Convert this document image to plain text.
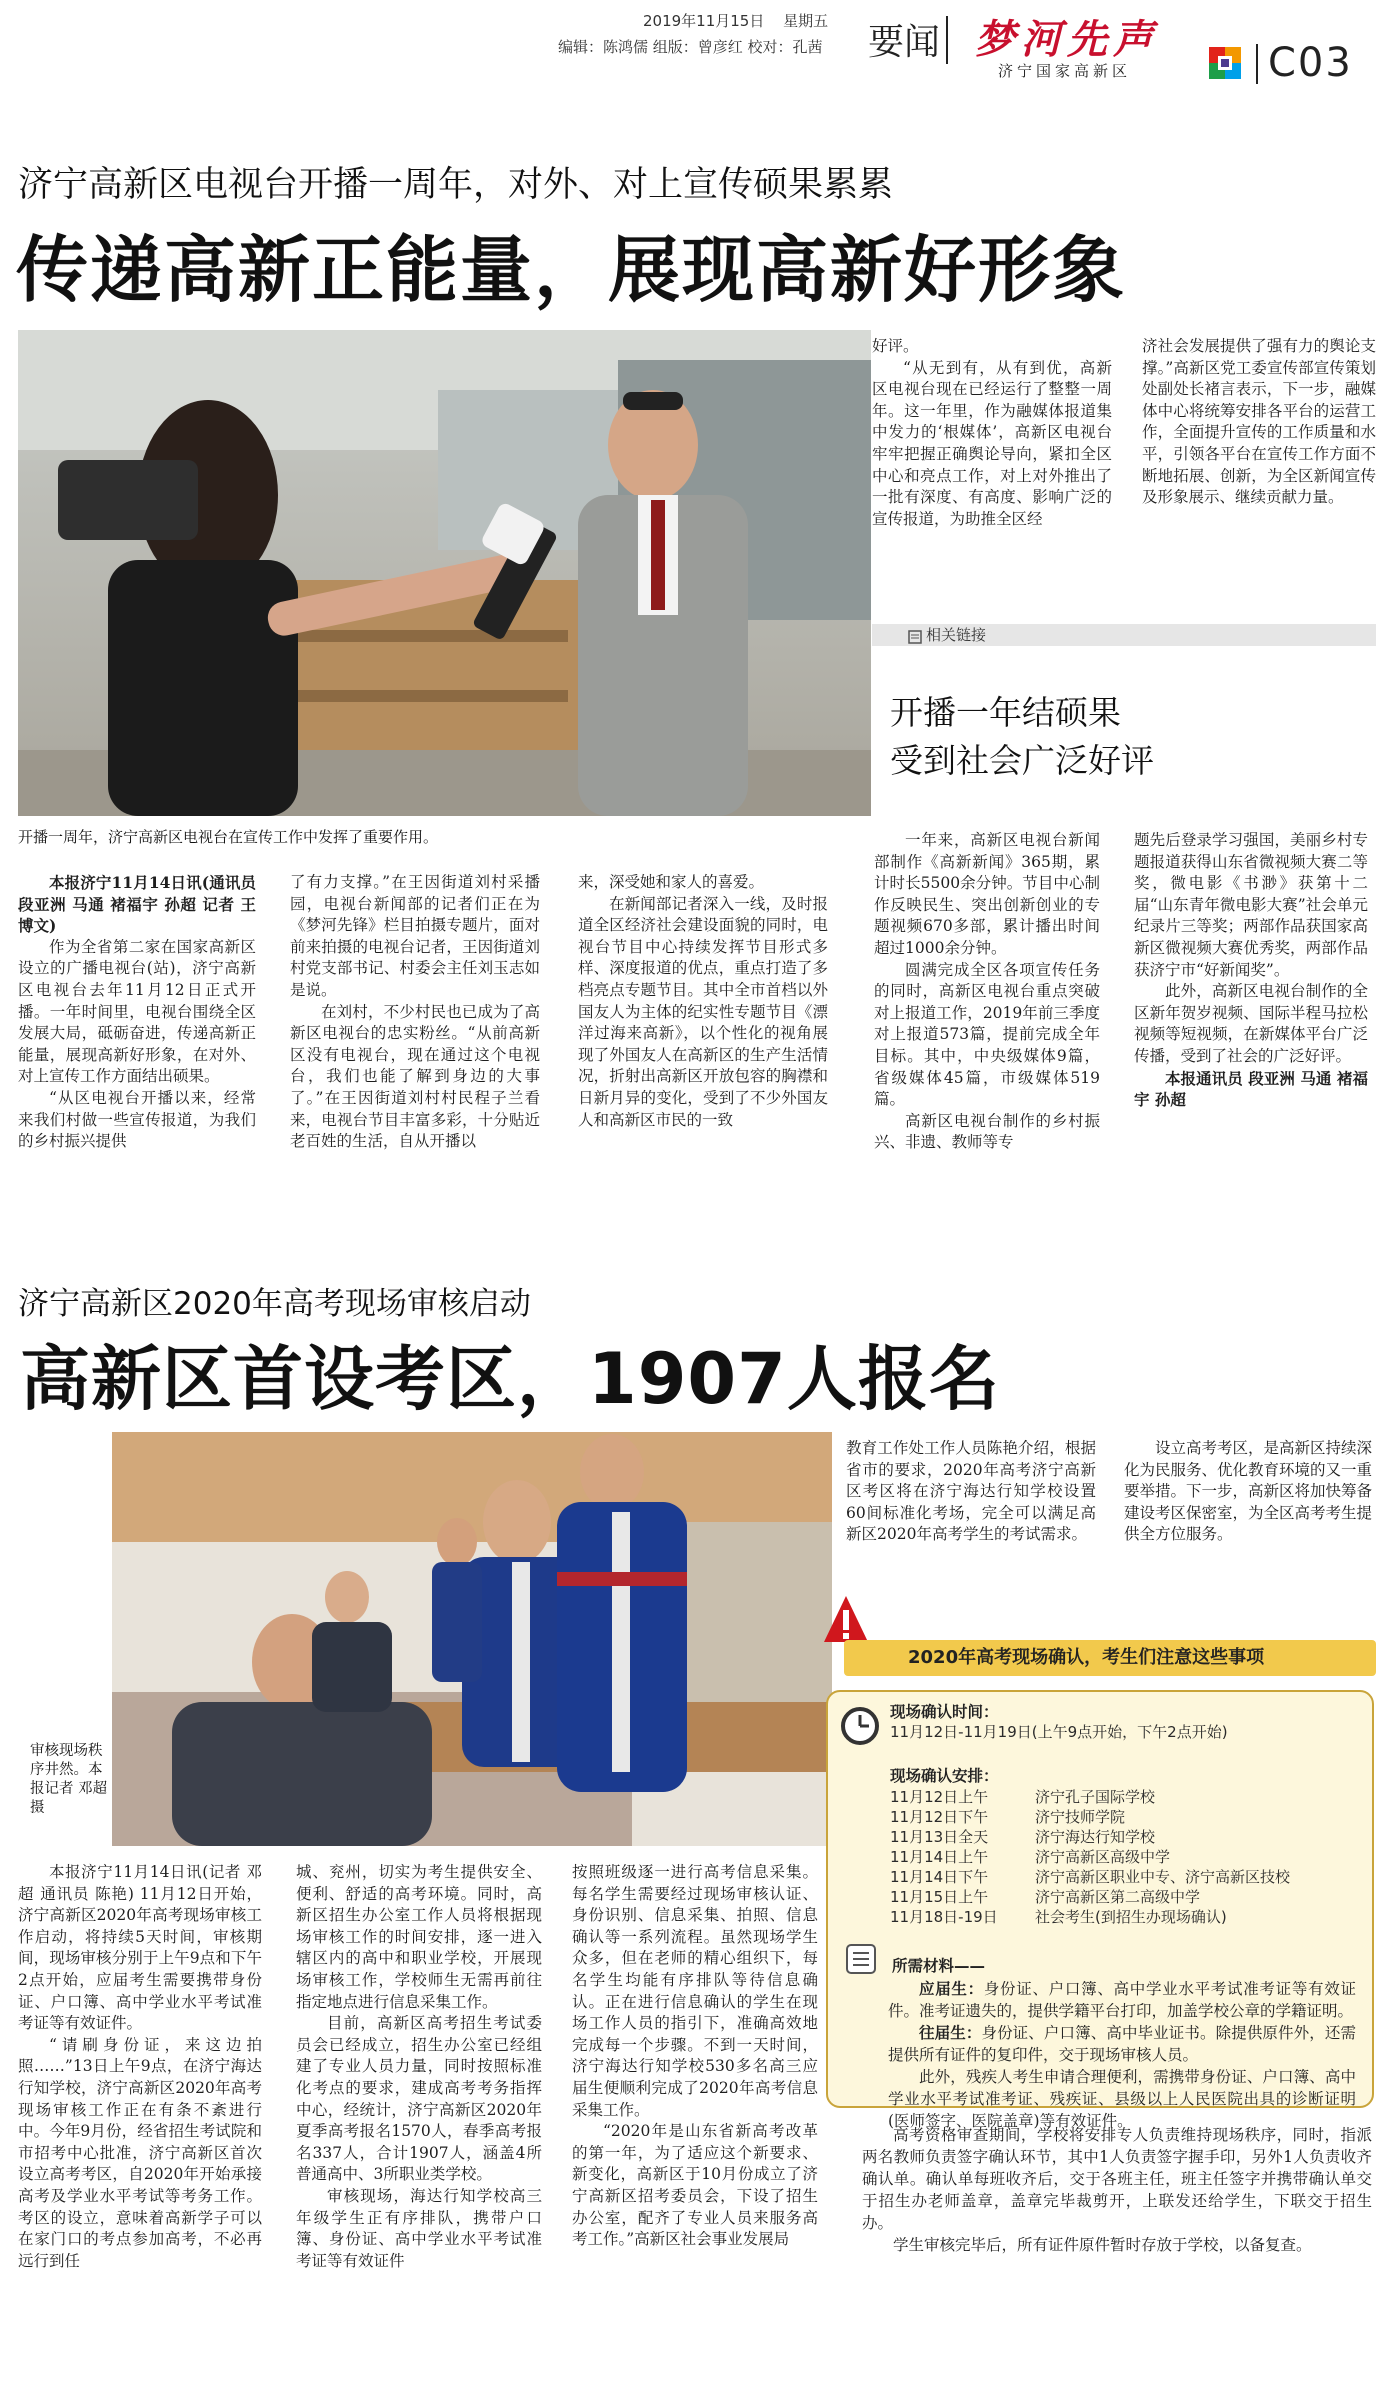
2019年11月15日 星期五
编辑：陈鸿儒 组版：曾彦红 校对：孔茜 要闻 梦河先声
济宁国家高新区	C03
济宁高新区电视台开播一周年，对外、对上宣传硕果累累
传递高新正能量，展现高新好形象
开播一周年，济宁高新区电视台在宣传工作中发挥了重要作用。

本报济宁11月14日讯(通讯员 段亚洲 马通 褚福宇 孙超 记者 王博文)

作为全省第二家在国家高新区设立的广播电视台(站)，济宁高新区电视台去年11月12日正式开播。一年时间里，电视台围绕全区发展大局，砥砺奋进，传递高新正能量，展现高新好形象，在对外、对上宣传工作方面结出硕果。

“从区电视台开播以来，经常来我们村做一些宣传报道，为我们的乡村振兴提供

了有力支撑。”在王因街道刘村采播园，电视台新闻部的记者们正在为《梦河先锋》栏目拍摄专题片，面对前来拍摄的电视台记者，王因街道刘村党支部书记、村委会主任刘玉志如是说。

在刘村，不少村民也已成为了高新区电视台的忠实粉丝。“从前高新区没有电视台，现在通过这个电视台，我们也能了解到身边的大事了。”在王因街道刘村村民程子兰看来，电视台节目丰富多彩，十分贴近老百姓的生活，自从开播以

来，深受她和家人的喜爱。

在新闻部记者深入一线，及时报道全区经济社会建设面貌的同时，电视台节目中心持续发挥节目形式多样、深度报道的优点，重点打造了多档亮点专题节目。其中全市首档以外国友人为主体的纪实性专题节目《漂洋过海来高新》，以个性化的视角展现了外国友人在高新区的生产生活情况，折射出高新区开放包容的胸襟和日新月异的变化，受到了不少外国友人和高新区市民的一致

好评。

“从无到有，从有到优，高新区电视台现在已经运行了整整一周年。这一年里，作为融媒体报道集中发力的‘根媒体’，高新区电视台牢牢把握正确舆论导向，紧扣全区中心和亮点工作，对上对外推出了一批有深度、有高度、影响广泛的宣传报道，为助推全区经

济社会发展提供了强有力的舆论支撑。”高新区党工委宣传部宣传策划处副处长褚言表示，下一步，融媒体中心将统筹安排各平台的运营工作，全面提升宣传的工作质量和水平，引领各平台在宣传工作方面不断地拓展、创新，为全区新闻宣传及形象展示、继续贡献力量。

相关链接
开播一年结硕果
受到社会广泛好评

一年来，高新区电视台新闻部制作《高新新闻》365期，累计时长5500余分钟。节目中心制作反映民生、突出创新创业的专题视频670多部，累计播出时间超过1000余分钟。

圆满完成全区各项宣传任务的同时，高新区电视台重点突破对上报道工作，2019年前三季度对上报道573篇，提前完成全年目标。其中，中央级媒体9篇，省级媒体45篇，市级媒体519篇。

高新区电视台制作的乡村振兴、非遗、教师等专

题先后登录学习强国，美丽乡村专题报道获得山东省微视频大赛二等奖，微电影《书渺》获第十二届“山东青年微电影大赛”社会单元纪录片三等奖；两部作品获国家高新区微视频大赛优秀奖，两部作品获济宁市“好新闻奖”。

此外，高新区电视台制作的全区新年贺岁视频、国际半程马拉松视频等短视频，在新媒体平台广泛传播，受到了社会的广泛好评。

本报通讯员 段亚洲 马通 褚福宇 孙超

济宁高新区2020年高考现场审核启动
高新区首设考区，1907人报名
审核现场秩序井然。本报记者 邓超 摄

本报济宁11月14日讯(记者 邓超 通讯员 陈艳) 11月12日开始，济宁高新区2020年高考现场审核工作启动，将持续5天时间，审核期间，现场审核分别于上午9点和下午2点开始，应届考生需要携带身份证、户口簿、高中学业水平考试准考证等有效证件。

“请刷身份证，来这边拍照……”13日上午9点，在济宁海达行知学校，济宁高新区2020年高考现场审核工作正在有条不紊进行中。今年9月份，经省招生考试院和市招考中心批准，济宁高新区首次设立高考考区，自2020年开始承接高考及学业水平考试等考务工作。考区的设立，意味着高新学子可以在家门口的考点参加高考，不必再远行到任

城、兖州，切实为考生提供安全、便利、舒适的高考环境。同时，高新区招生办公室工作人员将根据现场审核工作的时间安排，逐一进入辖区内的高中和职业学校，开展现场审核工作，学校师生无需再前往指定地点进行信息采集工作。

目前，高新区高考招生考试委员会已经成立，招生办公室已经组建了专业人员力量，同时按照标准化考点的要求，建成高考考务指挥中心，经统计，济宁高新区2020年夏季高考报名1570人，春季高考报名337人，合计1907人，涵盖4所普通高中、3所职业类学校。

审核现场，海达行知学校高三年级学生正有序排队，携带户口簿、身份证、高中学业水平考试准考证等有效证件

按照班级逐一进行高考信息采集。每名学生需要经过现场审核认证、身份识别、信息采集、拍照、信息确认等一系列流程。虽然现场学生众多，但在老师的精心组织下，每名学生均能有序排队等待信息确认。正在进行信息确认的学生在现场工作人员的指引下，准确高效地完成每一个步骤。不到一天时间，济宁海达行知学校530多名高三应届生便顺利完成了2020年高考信息采集工作。

“2020年是山东省新高考改革的第一年，为了适应这个新要求、新变化，高新区于10月份成立了济宁高新区招考委员会，下设了招生办公室，配齐了专业人员来服务高考工作。”高新区社会事业发展局

教育工作处工作人员陈艳介绍，根据省市的要求，2020年高考济宁高新区考区将在济宁海达行知学校设置60间标准化考场，完全可以满足高新区2020年高考学生的考试需求。

设立高考考区，是高新区持续深化为民服务、优化教育环境的又一重要举措。下一步，高新区将加快筹备建设考区保密室，为全区高考考生提供全方位服务。

2020年高考现场确认，考生们注意这些事项
现场确认时间：
11月12日-11月19日(上午9点开始，下午2点开始)
现场确认安排：
11月12日上午	济宁孔子国际学校
11月12日下午	济宁技师学院
11月13日全天	济宁海达行知学校
11月14日上午	济宁高新区高级中学
11月14日下午	济宁高新区职业中专、济宁高新区技校
11月15日上午	济宁高新区第二高级中学
11月18日-19日	社会考生(到招生办现场确认)
所需材料——

应届生：身份证、户口簿、高中学业水平考试准考证等有效证件。准考证遗失的，提供学籍平台打印，加盖学校公章的学籍证明。

往届生：身份证、户口簿、高中毕业证书。除提供原件外，还需提供所有证件的复印件，交于现场审核人员。

此外，残疾人考生申请合理便利，需携带身份证、户口簿、高中学业水平考试准考证、残疾证、县级以上人民医院出具的诊断证明(医师签字、医院盖章)等有效证件。

高考资格审查期间，学校将安排专人负责维持现场秩序，同时，指派两名教师负责签字确认环节，其中1人负责签字握手印，另外1人负责收齐确认单。确认单每班收齐后，交于各班主任，班主任签字并携带确认单交于招生办老师盖章，盖章完毕裁剪开，上联发还给学生，下联交于招生办。

学生审核完毕后，所有证件原件暂时存放于学校，以备复查。
